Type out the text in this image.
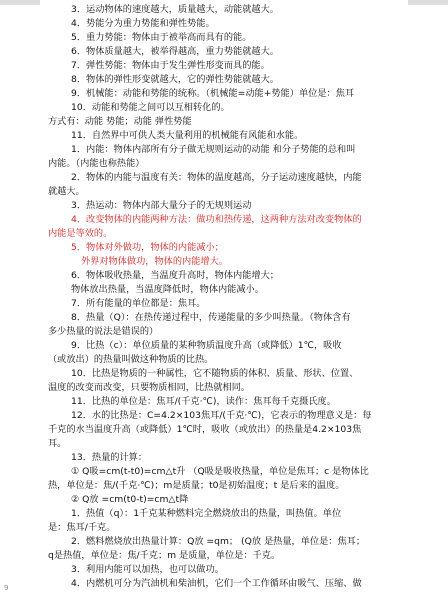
3．运动物体的速度越大，质量越大，动能就越大。
4．势能分为重力势能和弹性势能。
5．重力势能：物体由于被举高而具有的能。
6．物体质量越大，被举得越高，重力势能就越大。
7．弹性势能：物体由于发生弹性形变而具的能。
8．物体的弹性形变就越大，它的弹性势能就越大。
9．机械能：动能和势能的统称。（机械能=动能+势能）单位是：焦耳
10．动能和势能之间可以互相转化的。
方式有：动能 势能；动能 弹性势能
11．自然界中可供人类大量利用的机械能有风能和水能。
1．内能：物体内部所有分子做无规则运动的动能 和分子势能的总和叫
内能。（内能也称热能）
2．物体的内能与温度有关：物体的温度越高，分子运动速度越快，内能
就越大。
3．热运动：物体内部大量分子的无规则运动
4．改变物体的内能两种方法：做功和热传递，这两种方法对改变物体的
内能是等效的。
5．物体对外做功，物体的内能减小；
外界对物体做功，物体的内能增大。
6．物体吸收热量，当温度升高时，物体内能增大；
物体放出热量，当温度降低时，物体内能减小。
7．所有能量的单位都是：焦耳。
8．热量（Q）：在热传递过程中，传递能量的多少叫热量。（物体含有
多少热量的说法是错误的）
9．比热（c）：单位质量的某种物质温度升高（或降低）1℃，吸收
（或放出）的热量叫做这种物质的比热。
10．比热是物质的一种属性，它不随物质的体积、质量、形状、位置、
温度的改变而改变，只要物质相同，比热就相同。
11．比热的单位是：焦耳/(千克·℃)，读作：焦耳每千克摄氏度。
12．水的比热是：C=4.2×103焦耳/(千克·℃)，它表示的物理意义是：每
千克的水当温度升高（或降低）1℃时，吸收（或放出）的热量是4.2×103焦
耳。
13．热量的计算：
① Q吸=cm(t-t0)=cm△t升 （Q吸是吸收热量，单位是焦耳；c 是物体比
热，单位是：焦/(千克·℃)；m是质量；t0是初始温度；t 是后来的温度。
② Q放 =cm(t0-t)=cm△t降
1．热值（q）：1千克某种燃料完全燃烧放出的热量，叫热值。单位
是：焦耳/千克。
2．燃料燃烧放出热量计算：Q放 =qm； (Q放 是热量，单位是：焦耳；
q是热值，单位是：焦/千克；m 是质量，单位是：千克。
3．利用内能可以加热，也可以做功。
4．内燃机可分为汽油机和柴油机，它们一个工作循环由吸气、压缩、做
9
